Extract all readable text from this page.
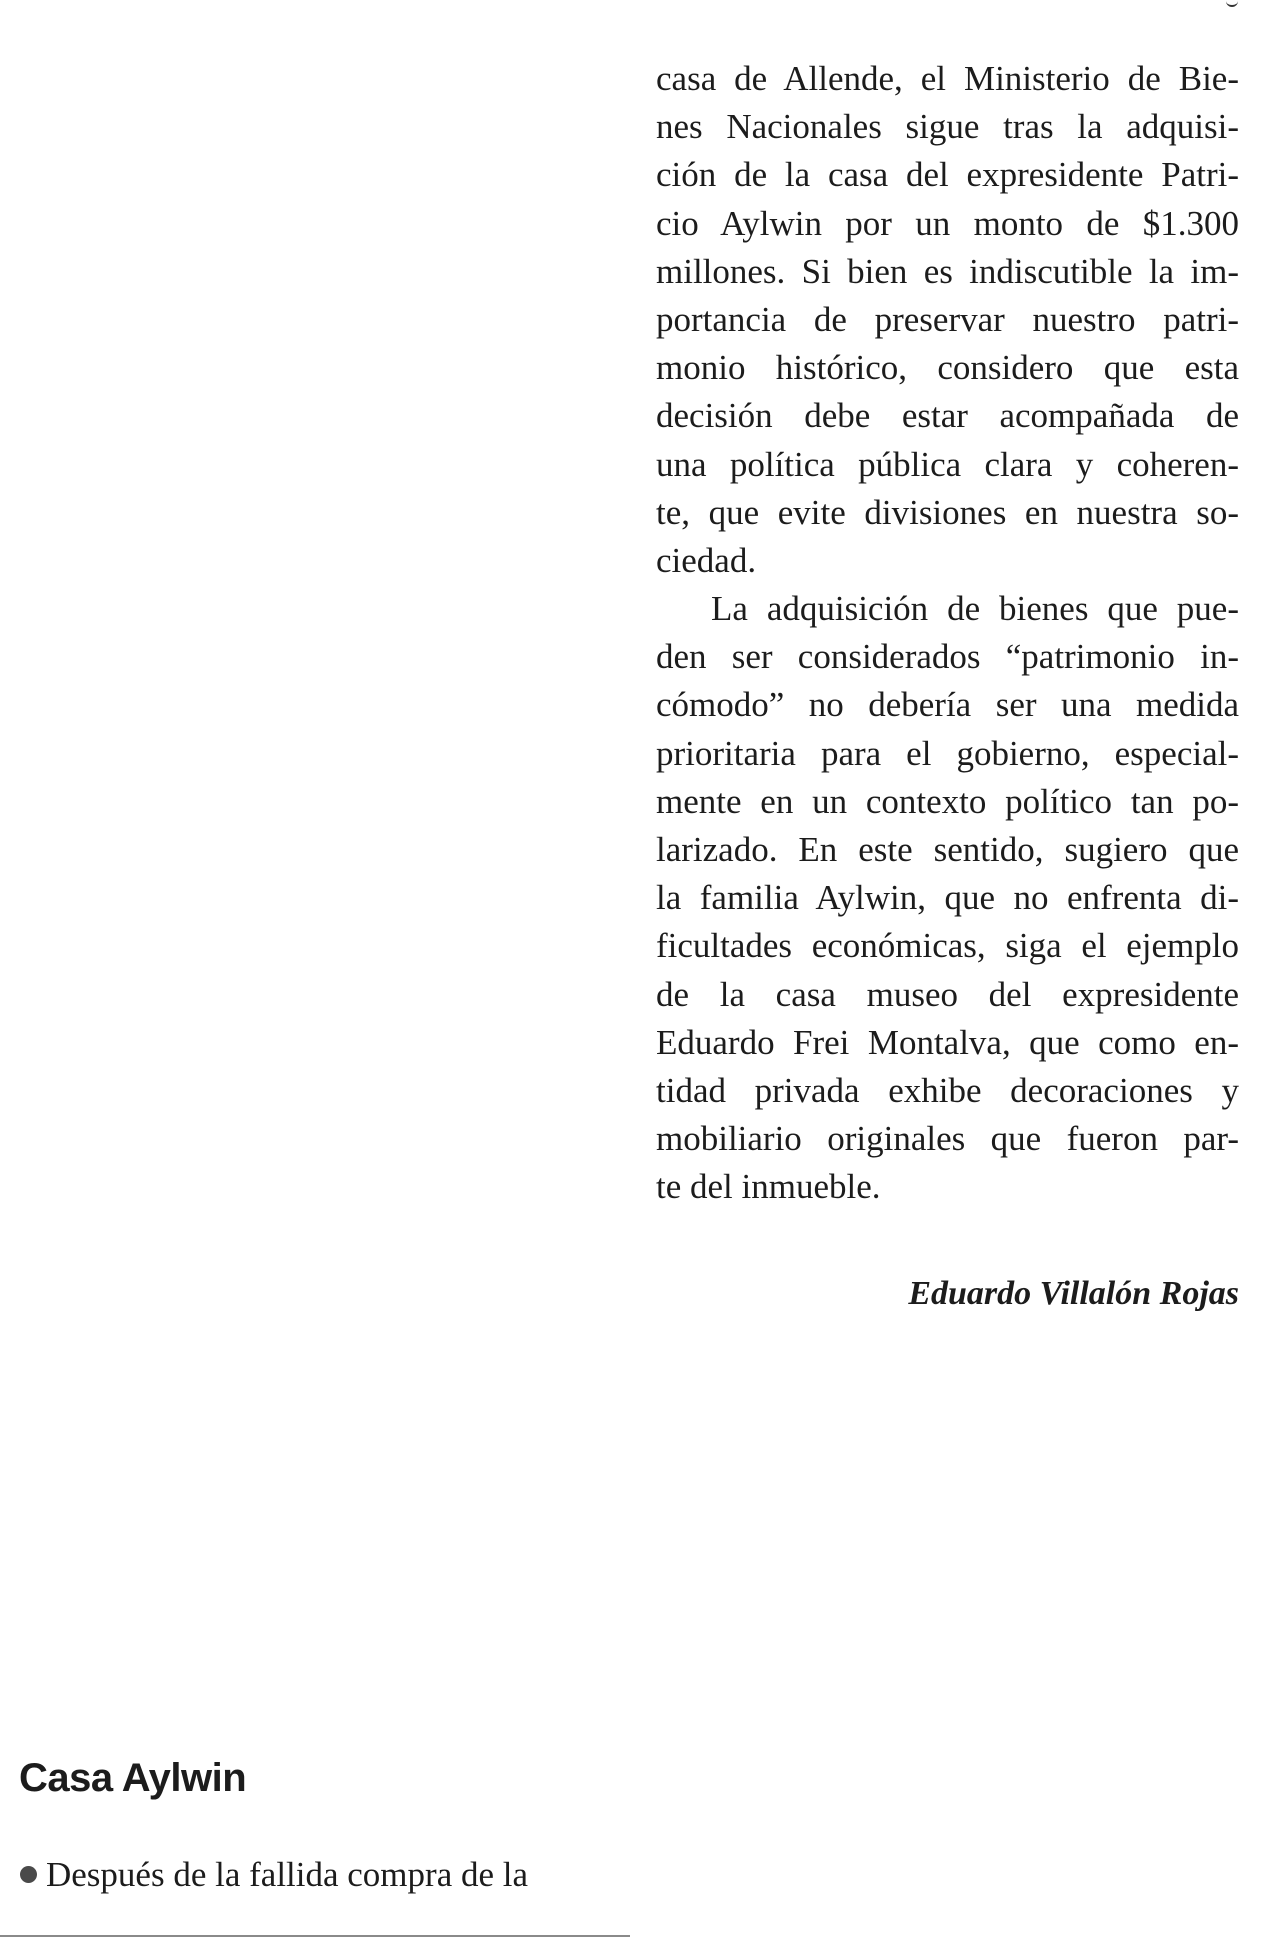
casa de Allende, el Ministerio de Bie-
nes Nacionales sigue tras la adquisi-
ción de la casa del expresidente Patri-
cio Aylwin por un monto de $1.300
millones. Si bien es indiscutible la im-
portancia de preservar nuestro patri-
monio histórico, considero que esta
decisión debe estar acompañada de
una política pública clara y coheren-
te, que evite divisiones en nuestra so-
ciedad.
La adquisición de bienes que pue-
den ser considerados “patrimonio in-
cómodo” no debería ser una medida
prioritaria para el gobierno, especial-
mente en un contexto político tan po-
larizado. En este sentido, sugiero que
la familia Aylwin, que no enfrenta di-
ficultades económicas, siga el ejemplo
de la casa museo del expresidente
Eduardo Frei Montalva, que como en-
tidad privada exhibe decoraciones y
mobiliario originales que fueron par-
te del inmueble.
Eduardo Villalón Rojas
Casa Aylwin
Después de la fallida compra de la
